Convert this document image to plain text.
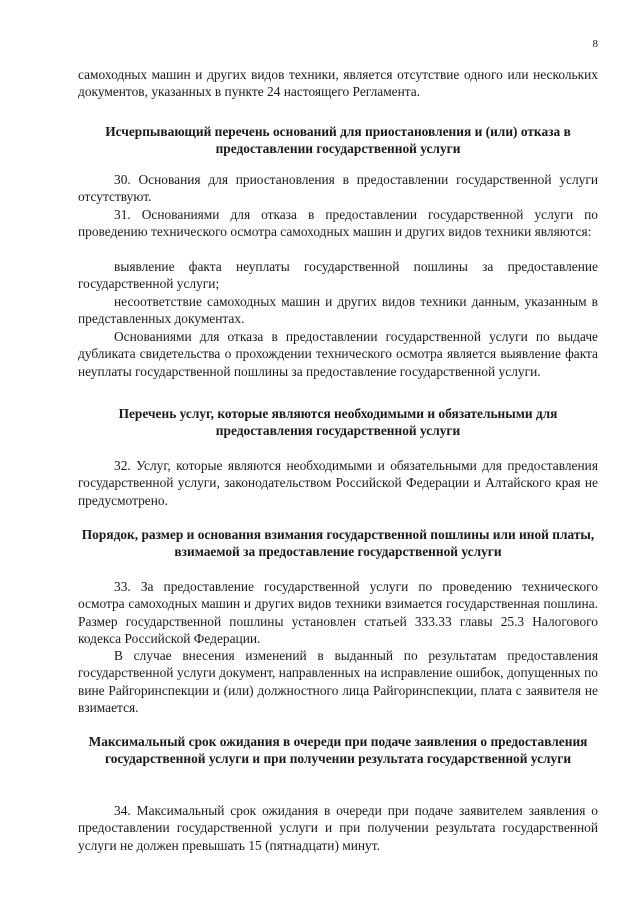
8

самоходных машин и других видов техники, является отсутствие одного или нескольких документов, указанных в пункте 24 настоящего Регламента.

Исчерпывающий перечень оснований для приостановления и (или) отказа в предоставлении государственной услуги

30. Основания для приостановления в предоставлении государственной услуги отсутствуют.

31. Основаниями для отказа в предоставлении государственной услуги по проведению технического осмотра самоходных машин и других видов техники являются:

выявление факта неуплаты государственной пошлины за предоставление государственной услуги;

несоответствие самоходных машин и других видов техники данным, указанным в представленных документах.

Основаниями для отказа в предоставлении государственной услуги по выдаче дубликата свидетельства о прохождении технического осмотра является выявление факта неуплаты государственной пошлины за предоставление государственной услуги.

Перечень услуг, которые являются необходимыми и обязательными для предоставления государственной услуги

32. Услуг, которые являются необходимыми и обязательными для предоставления государственной услуги, законодательством Российской Федерации и Алтайского края не предусмотрено.

Порядок, размер и основания взимания государственной пошлины или иной платы, взимаемой за предоставление государственной услуги

33. За предоставление государственной услуги по проведению технического осмотра самоходных машин и других видов техники взимается государственная пошлина. Размер государственной пошлины установлен статьей 333.33 главы 25.3 Налогового кодекса Российской Федерации.

В случае внесения изменений в выданный по результатам предоставления государственной услуги документ, направленных на исправление ошибок, допущенных по вине Райгоринспекции и (или) должностного лица Райгоринспекции, плата с заявителя не взимается.

Максимальный срок ожидания в очереди при подаче заявления о предоставления государственной услуги и при получении результата государственной услуги

34. Максимальный срок ожидания в очереди при подаче заявителем заявления о предоставлении государственной услуги и при получении результата государственной услуги не должен превышать 15 (пятнадцати) минут.
